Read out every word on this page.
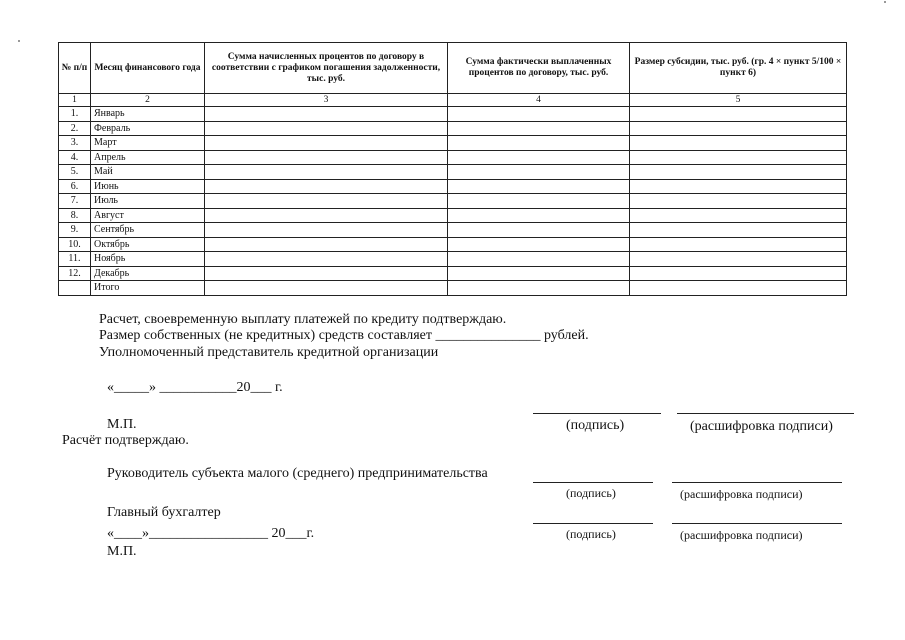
№ п/п	Месяц финансового года	Сумма начисленных процентов по договору в соответствии с графиком погашения задолженности, тыс. руб.	Сумма фактически выплаченных процентов по договору, тыс. руб.	Размер субсидии, тыс. руб. (гр. 4 × пункт 5/100 × пункт 6)
1	2	3	4	5
1.	Январь			
2.	Февраль			
3.	Март			
4.	Апрель			
5.	Май			
6.	Июнь			
7.	Июль			
8.	Август			
9.	Сентябрь			
10.	Октябрь			
11.	Ноябрь			
12.	Декабрь			
	Итого			
Расчет, своевременную выплату платежей по кредиту подтверждаю.
Размер собственных (не кредитных) средств составляет _______________ рублей.
Уполномоченный представитель кредитной организации
«_____» ___________20___ г.
М.П.	(подпись)	(расшифровка подписи)
Расчёт подтверждаю.
Руководитель субъекта малого (среднего) предпринимательства
(подпись)	(расшифровка подписи)
Главный бухгалтер
«____»_________________ 20___г.	(подпись)	(расшифровка подписи)
М.П.
